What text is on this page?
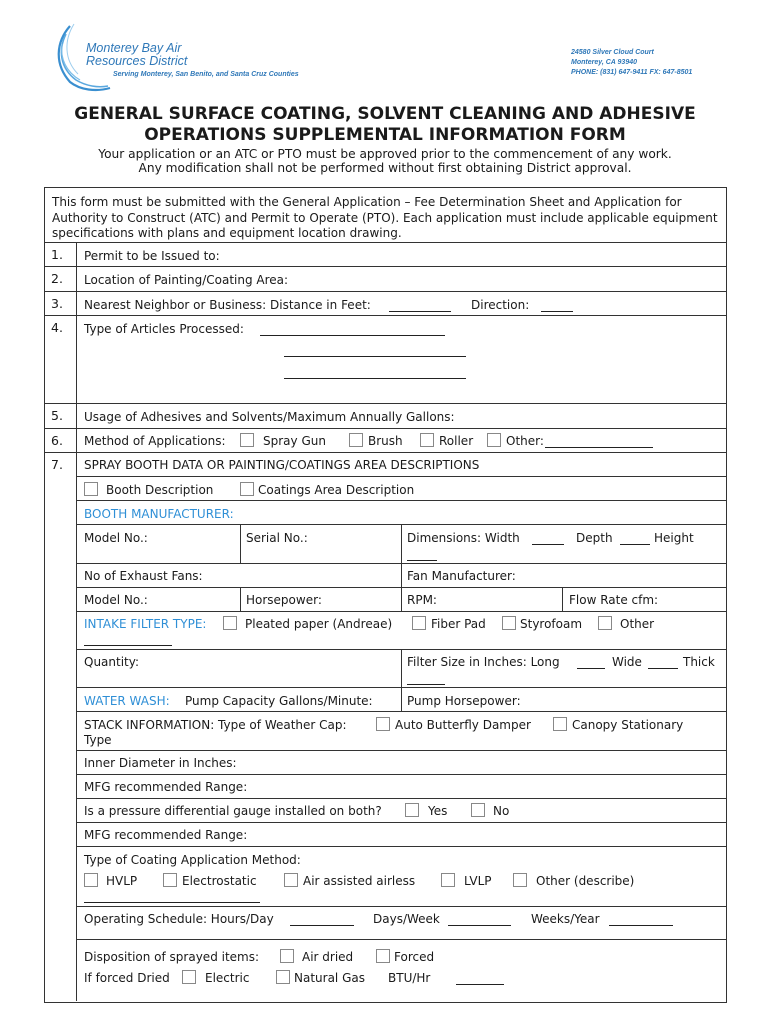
Monterey Bay Air
Resources District
Serving Monterey, San Benito, and Santa Cruz Counties
24580 Silver Cloud Court
Monterey, CA 93940
PHONE: (831) 647-9411 FX: 647-8501
GENERAL SURFACE COATING, SOLVENT CLEANING AND ADHESIVE
OPERATIONS SUPPLEMENTAL INFORMATION FORM
Your application or an ATC or PTO must be approved prior to the commencement of any work.
Any modification shall not be performed without first obtaining District approval.
This form must be submitted with the General Application – Fee Determination Sheet and Application for Authority to Construct (ATC) and Permit to Operate (PTO). Each application must include applicable equipment specifications with plans and equipment location drawing.
1. Permit to be Issued to:
2. Location of Painting/Coating Area:
3. Nearest Neighbor or Business: Distance in Feet:	Direction:
4. Type of Articles Processed:
5. Usage of Adhesives and Solvents/Maximum Annually Gallons:
6. Method of Applications:	Spray Gun	Brush	Roller	Other:
7. SPRAY BOOTH DATA OR PAINTING/COATINGS AREA DESCRIPTIONS
Booth Description	Coatings Area Description
BOOTH MANUFACTURER:
Model No.:	Serial No.:	Dimensions: Width	Depth	Height
No of Exhaust Fans:	Fan Manufacturer:
Model No.:	Horsepower:	RPM:	Flow Rate cfm:
INTAKE FILTER TYPE:	Pleated paper (Andreae)	Fiber Pad	Styrofoam	Other
Quantity:	Filter Size in Inches: Long	Wide	Thick
WATER WASH: Pump Capacity Gallons/Minute:	Pump Horsepower:
STACK INFORMATION: Type of Weather Cap:
Type
Auto Butterfly Damper	Canopy Stationary
Inner Diameter in Inches:
MFG recommended Range:
Is a pressure differential gauge installed on both?	Yes	No
MFG recommended Range:
Type of Coating Application Method:
HVLP	Electrostatic	Air assisted airless	LVLP	Other (describe)
Operating Schedule: Hours/Day	Days/Week	Weeks/Year
Disposition of sprayed items:	Air dried	Forced
If forced Dried	Electric	Natural Gas BTU/Hr
